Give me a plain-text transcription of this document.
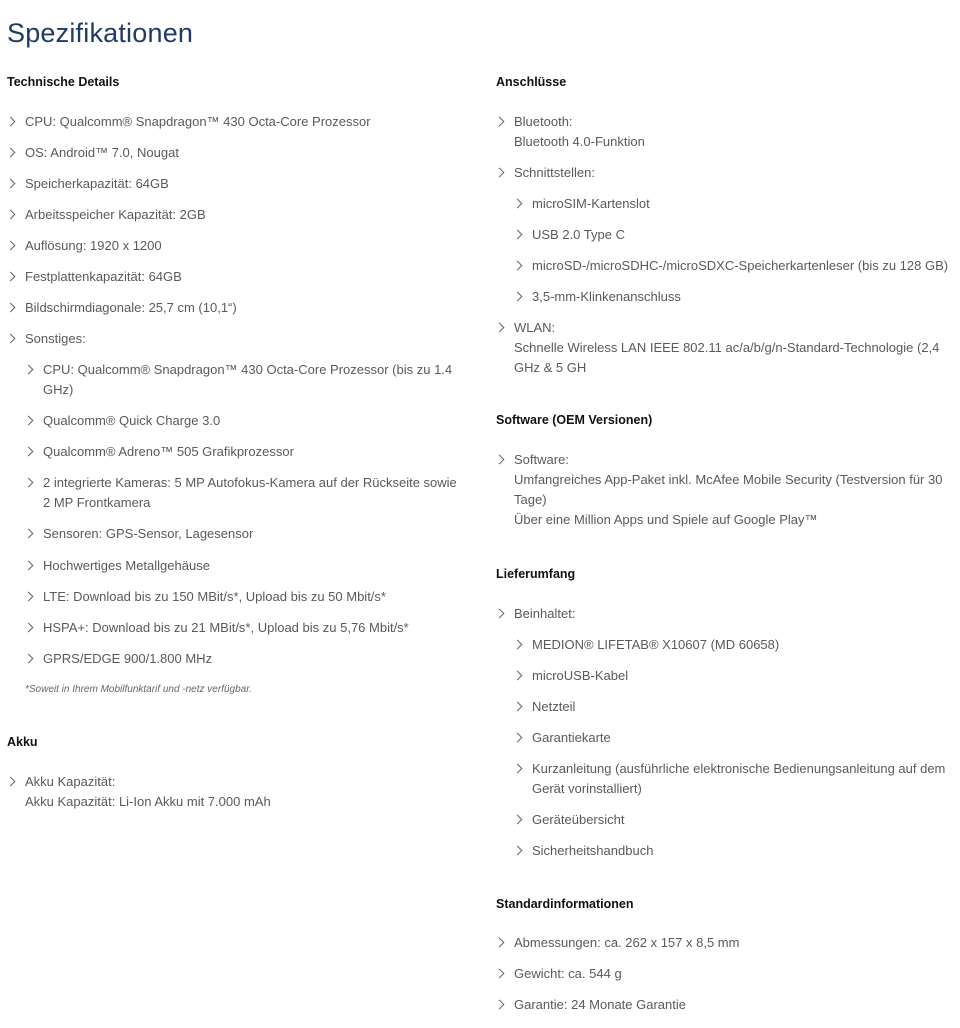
Spezifikationen
Technische Details
CPU: Qualcomm® Snapdragon™ 430 Octa-Core Prozessor
OS: Android™ 7.0, Nougat
Speicherkapazität: 64GB
Arbeitsspeicher Kapazität: 2GB
Auflösung: 1920 x 1200
Festplattenkapazität: 64GB
Bildschirmdiagonale: 25,7 cm (10,1“)
Sonstiges:
CPU: Qualcomm® Snapdragon™ 430 Octa-Core Prozessor (bis zu 1.4 GHz)
Qualcomm® Quick Charge 3.0
Qualcomm® Adreno™ 505 Grafikprozessor
2 integrierte Kameras: 5 MP Autofokus-Kamera auf der Rückseite sowie 2 MP Frontkamera
Sensoren: GPS-Sensor, Lagesensor
Hochwertiges Metallgehäuse
LTE: Download bis zu 150 MBit/s*, Upload bis zu 50 Mbit/s*
HSPA+: Download bis zu 21 MBit/s*, Upload bis zu 5,76 Mbit/s*
GPRS/EDGE 900/1.800 MHz
*Soweit in Ihrem Mobilfunktarif und -netz verfügbar.
Akku
Akku Kapazität:
Akku Kapazität: Li-Ion Akku mit 7.000 mAh
Anschlüsse
Bluetooth:
Bluetooth 4.0-Funktion
Schnittstellen:
microSIM-Kartenslot
USB 2.0 Type C
microSD-/microSDHC-/microSDXC-Speicherkartenleser (bis zu 128 GB)
3,5-mm-Klinkenanschluss
WLAN:
Schnelle Wireless LAN IEEE 802.11 ac/a/b/g/n-Standard-Technologie (2,4 GHz & 5 GH
Software (OEM Versionen)
Software:
Umfangreiches App-Paket inkl. McAfee Mobile Security (Testversion für 30 Tage)
Über eine Million Apps und Spiele auf Google Play™
Lieferumfang
Beinhaltet:
MEDION® LIFETAB® X10607 (MD 60658)
microUSB-Kabel
Netzteil
Garantiekarte
Kurzanleitung (ausführliche elektronische Bedienungsanleitung auf dem Gerät vorinstalliert)
Geräteübersicht
Sicherheitshandbuch
Standardinformationen
Abmessungen: ca. 262 x 157 x 8,5 mm
Gewicht: ca. 544 g
Garantie: 24 Monate Garantie
